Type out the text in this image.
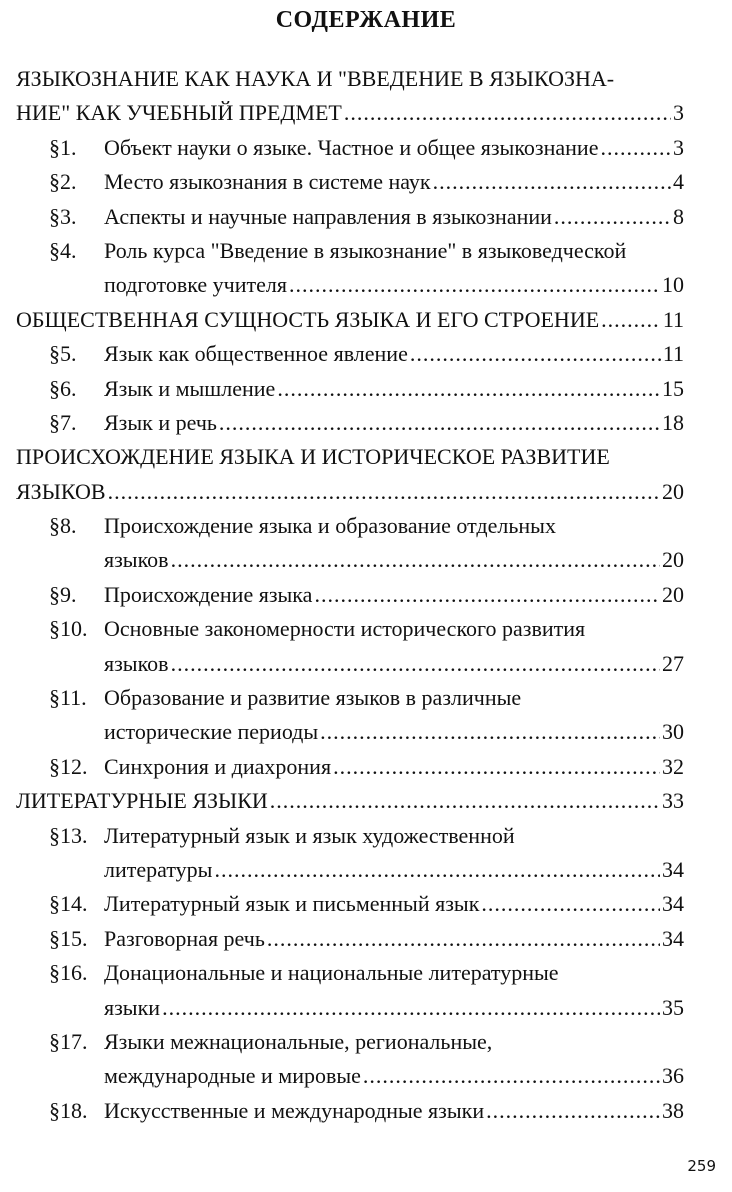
СОДЕРЖАНИЕ
ЯЗЫКОЗНАНИЕ КАК НАУКА И "ВВЕДЕНИЕ В ЯЗЫКОЗНА-
НИЕ" КАК УЧЕБНЫЙ ПРЕДМЕТ .....	3
§1. Объект науки о языке. Частное и общее языкознание .....	3
§2. Место языкознания в системе наук .....	4
§3. Аспекты и научные направления в языкознании .....	8
§4. Роль курса "Введение в языкознание" в языковедческой
подготовке учителя .....	10
ОБЩЕСТВЕННАЯ СУЩНОСТЬ ЯЗЫКА И ЕГО СТРОЕНИЕ .....	11
§5. Язык как общественное явление .....	11
§6. Язык и мышление .....	15
§7. Язык и речь .....	18
ПРОИСХОЖДЕНИЕ ЯЗЫКА И ИСТОРИЧЕСКОЕ РАЗВИТИЕ
ЯЗЫКОВ .....	20
§8. Происхождение языка и образование отдельных
языков .....	20
§9. Происхождение языка .....	20
§10. Основные закономерности исторического развития
языков .....	27
§11. Образование и развитие языков в различные
исторические периоды .....	30
§12. Синхрония и диахрония .....	32
ЛИТЕРАТУРНЫЕ ЯЗЫКИ .....	33
§13. Литературный язык и язык художественной
литературы .....	34
§14. Литературный язык и письменный язык .....	34
§15. Разговорная речь .....	34
§16. Донациональные и национальные литературные
языки .....	35
§17. Языки межнациональные, региональные,
международные и мировые .....	36
§18. Искусственные и международные языки .....	38
259
